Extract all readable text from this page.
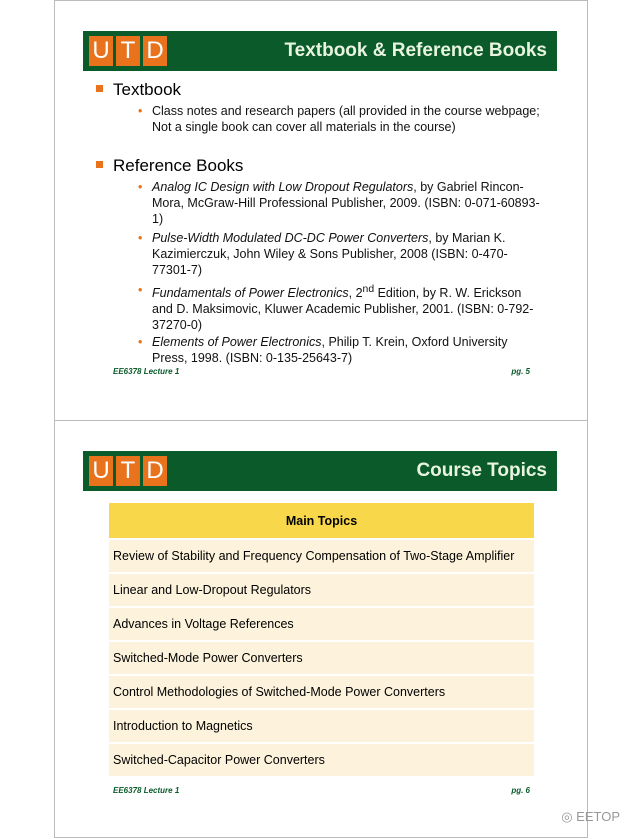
U T D	Textbook & Reference Books
Textbook
• Class notes and research papers (all provided in the course webpage; Not a single book can cover all materials in the course)
Reference Books
• Analog IC Design with Low Dropout Regulators, by Gabriel Rincon-Mora, McGraw-Hill Professional Publisher, 2009. (ISBN: 0-071-60893-1)
• Pulse-Width Modulated DC-DC Power Converters, by Marian K. Kazimierczuk, John Wiley & Sons Publisher, 2008 (ISBN: 0-470-77301-7)
• Fundamentals of Power Electronics, 2nd Edition, by R. W. Erickson and D. Maksimovic, Kluwer Academic Publisher, 2001. (ISBN: 0-792-37270-0)
• Elements of Power Electronics, Philip T. Krein, Oxford University Press, 1998. (ISBN: 0-135-25643-7)
EE6378 Lecture 1	pg. 5
U T D	Course Topics
Main Topics
Review of Stability and Frequency Compensation of Two-Stage Amplifier
Linear and Low-Dropout Regulators
Advances in Voltage References
Switched-Mode Power Converters
Control Methodologies of Switched-Mode Power Converters
Introduction to Magnetics
Switched-Capacitor Power Converters
EE6378 Lecture 1	pg. 6
◎ EETOP
